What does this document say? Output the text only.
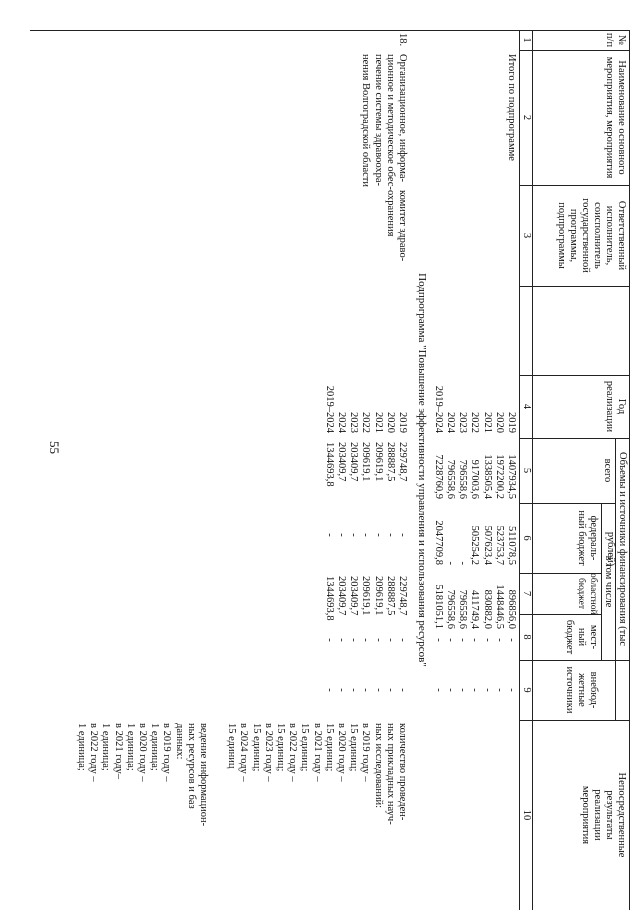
55
№
п/п
Наименование основного
мероприятия, мероприятия
Ответственный
исполнитель,
соисполнитель
государственной
программы,
подпрограммы
Год
реализации
Объемы и источники финансирования (тыс рублей)
всего
в том числе
федераль-
ный бюджет
областной
бюджет
мест-
ный
бюджет
внебюд-
жетные
источники
Непосредственные
результаты
реализации
мероприятия
1
2
3
4
5
6
7
8
9
10
Итого по подпрограмме
2019
2020
2021
2022
2023
2024
2019–2024
1407934,5
1972200,2
1338505,4
917003,6
796558,6
796558,6
7228760,9
511078,5
523753,7
507623,4
505254,2
-
-
2047709,8
896856,0
1448446,5
830882,0
411749,4
796558,6
796558,6
5181051,1
-
-
-
-
-
-
-
-
-
-
-
-
-
-
Подпрограмма "Повышение эффективности управления и использования ресурсов"
18.
Организационное, информа-
ционное и методическое обес-
печение системы здравоохра-
нения Волгоградской области
комитет здраво-
охранения
2019
2020
2021
2022
2023
2024
2019–2024
229748,7
288887,5
209619,1
209619,1
203409,7
203409,7
1344693,8
-
-
-
-
-
-
-
229748,7
288887,5
209619,1
209619,1
203409,7
203409,7
1344693,8
-
-
-
-
-
-
-
-
-
-
-
-
-
-
количество проведен-
ных прикладных науч-
ных исследований:
в 2019 году –
15 единиц;
в 2020 году –
15 единиц;
в 2021 году –
15 единиц;
в 2022 году –
15 единиц;
в 2023 году –
15 единиц;
в 2024 году –
15 единиц
ведение информацион-
ных ресурсов и баз
данных:
в 2019 году –
1 единица;
в 2020 году –
1 единица;
в 2021 году–
1 единица;
в 2022 году –
1 единица;
